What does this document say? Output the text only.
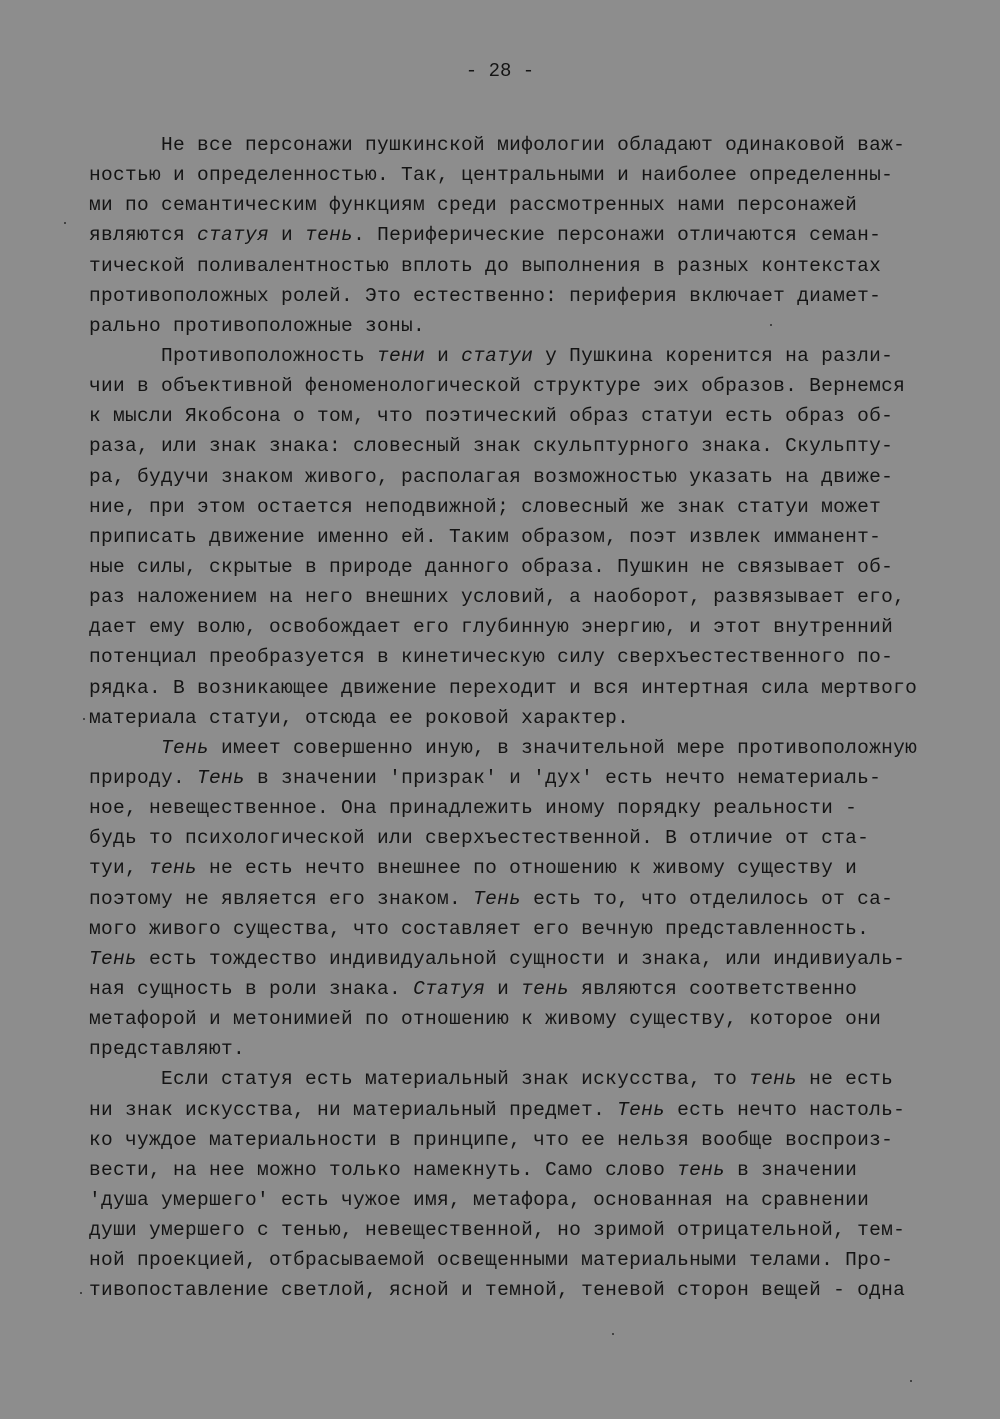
- 28 -
Не все персонажи пушкинской мифологии обладают одинаковой важ-
ностью и определенностью. Так, центральными и наиболее определенны-
ми по семантическим функциям среди рассмотренных нами персонажей
являются статуя и тень. Периферические персонажи отличаются семан-
тической поливалентностью вплоть до выполнения в разных контекстах
противоположных ролей. Это естественно: периферия включает диамет-
рально противоположные зоны.
Противоположность тени и статуи у Пушкина коренится на разли-
чии в объективной феноменологической структуре эих образов. Вернемся
к мысли Якобсона о том, что поэтический образ статуи есть образ об-
раза, или знак знака: словесный знак скульптурного знака. Скульпту-
ра, будучи знаком живого, располагая возможностью указать на движе-
ние, при этом остается неподвижной; словесный же знак статуи может
приписать движение именно ей. Таким образом, поэт извлек имманент-
ные силы, скрытые в природе данного образа. Пушкин не связывает об-
раз наложением на него внешних условий, а наоборот, развязывает его,
дает ему волю, освобождает его глубинную энергию, и этот внутренний
потенциал преобразуется в кинетическую силу сверхъестественного по-
рядка. В возникающее движение переходит и вся интертная сила мертвого
материала статуи, отсюда ее роковой характер.
Тень имеет совершенно иную, в значительной мере противоположную
природу. Тень в значении 'призрак' и 'дух' есть нечто нематериаль-
ное, невещественное. Она принадлежить иному порядку реальности -
будь то психологической или сверхъестественной. В отличие от ста-
туи, тень не есть нечто внешнее по отношению к живому существу и
поэтому не является его знаком. Тень есть то, что отделилось от са-
мого живого существа, что составляет его вечную представленность.
Тень есть тождество индивидуальной сущности и знака, или индивиуаль-
ная сущность в роли знака. Статуя и тень являются соответственно
метафорой и метонимией по отношению к живому существу, которое они
представляют.
Если статуя есть материальный знак искусства, то тень не есть
ни знак искусства, ни материальный предмет. Тень есть нечто настоль-
ко чуждое материальности в принципе, что ее нельзя вообще воспроиз-
вести, на нее можно только намекнуть. Само слово тень в значении
'душа умершего' есть чужое имя, метафора, основанная на сравнении
души умершего с тенью, невещественной, но зримой отрицательной, тем-
ной проекцией, отбрасываемой освещенными материальными телами. Про-
тивопоставление светлой, ясной и темной, теневой сторон вещей - одна
